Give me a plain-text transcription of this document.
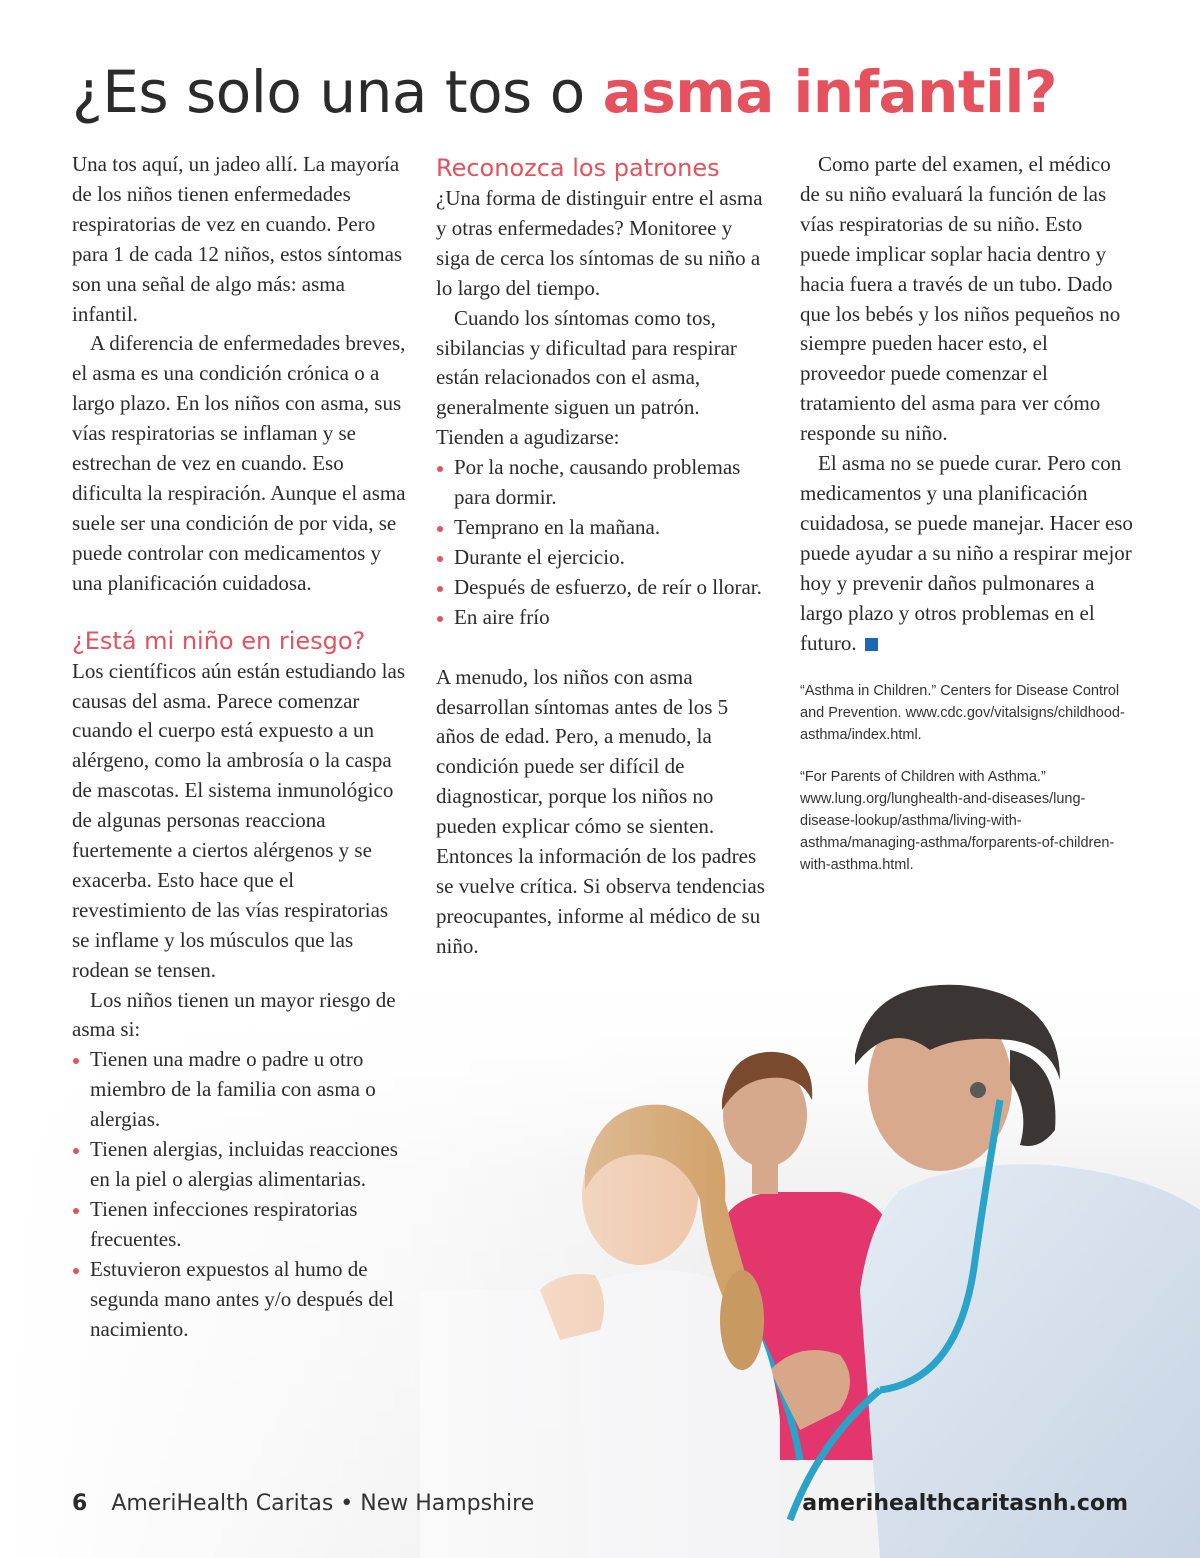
¿Es solo una tos o asma infantil?

Una tos aquí, un jadeo allí. La mayoría de los niños tienen enfermedades respiratorias de vez en cuando. Pero para 1 de cada 12 niños, estos síntomas son una señal de algo más: asma infantil.

A diferencia de enfermedades breves, el asma es una condición crónica o a largo plazo. En los niños con asma, sus vías respiratorias se inflaman y se estrechan de vez en cuando. Eso dificulta la respiración. Aunque el asma suele ser una condición de por vida, se puede controlar con medicamentos y una planificación cuidadosa.

¿Está mi niño en riesgo?

Los científicos aún están estudiando las causas del asma. Parece comenzar cuando el cuerpo está expuesto a un alérgeno, como la ambrosía o la caspa de mascotas. El sistema inmunológico de algunas personas reacciona fuertemente a ciertos alérgenos y se exacerba. Esto hace que el revestimiento de las vías respiratorias se inflame y los músculos que las rodean se tensen.

Los niños tienen un mayor riesgo de asma si:

Tienen una madre o padre u otro miembro de la familia con asma o alergias.
Tienen alergias, incluidas reacciones en la piel o alergias alimentarias.
Tienen infecciones respiratorias frecuentes.
Estuvieron expuestos al humo de segunda mano antes y/o después del nacimiento.
Reconozca los patrones

¿Una forma de distinguir entre el asma y otras enfermedades? Monitoree y siga de cerca los síntomas de su niño a lo largo del tiempo.

Cuando los síntomas como tos, sibilancias y dificultad para respirar están relacionados con el asma, generalmente siguen un patrón. Tienden a agudizarse:

Por la noche, causando problemas para dormir.
Temprano en la mañana.
Durante el ejercicio.
Después de esfuerzo, de reír o llorar.
En aire frío

A menudo, los niños con asma desarrollan síntomas antes de los 5 años de edad. Pero, a menudo, la condición puede ser difícil de diagnosticar, porque los niños no pueden explicar cómo se sienten. Entonces la información de los padres se vuelve crítica. Si observa tendencias preocupantes, informe al médico de su niño.

Como parte del examen, el médico de su niño evaluará la función de las vías respiratorias de su niño. Esto puede implicar soplar hacia dentro y hacia fuera a través de un tubo. Dado que los bebés y los niños pequeños no siempre pueden hacer esto, el proveedor puede comenzar el tratamiento del asma para ver cómo responde su niño.

El asma no se puede curar. Pero con medicamentos y una planificación cuidadosa, se puede manejar. Hacer eso puede ayudar a su niño a respirar mejor hoy y prevenir daños pulmonares a largo plazo y otros problemas en el futuro.

“Asthma in Children.” Centers for Disease Control and Prevention. www.cdc.gov/vitalsigns/childhood-asthma/index.html.

“For Parents of Children with Asthma.” www.lung.org/lunghealth-and-diseases/lung-disease-lookup/asthma/living-with-asthma/managing-asthma/forparents-of-children-with-asthma.html.

6 AmeriHealth Caritas • New Hampshire	amerihealthcaritasnh.com
